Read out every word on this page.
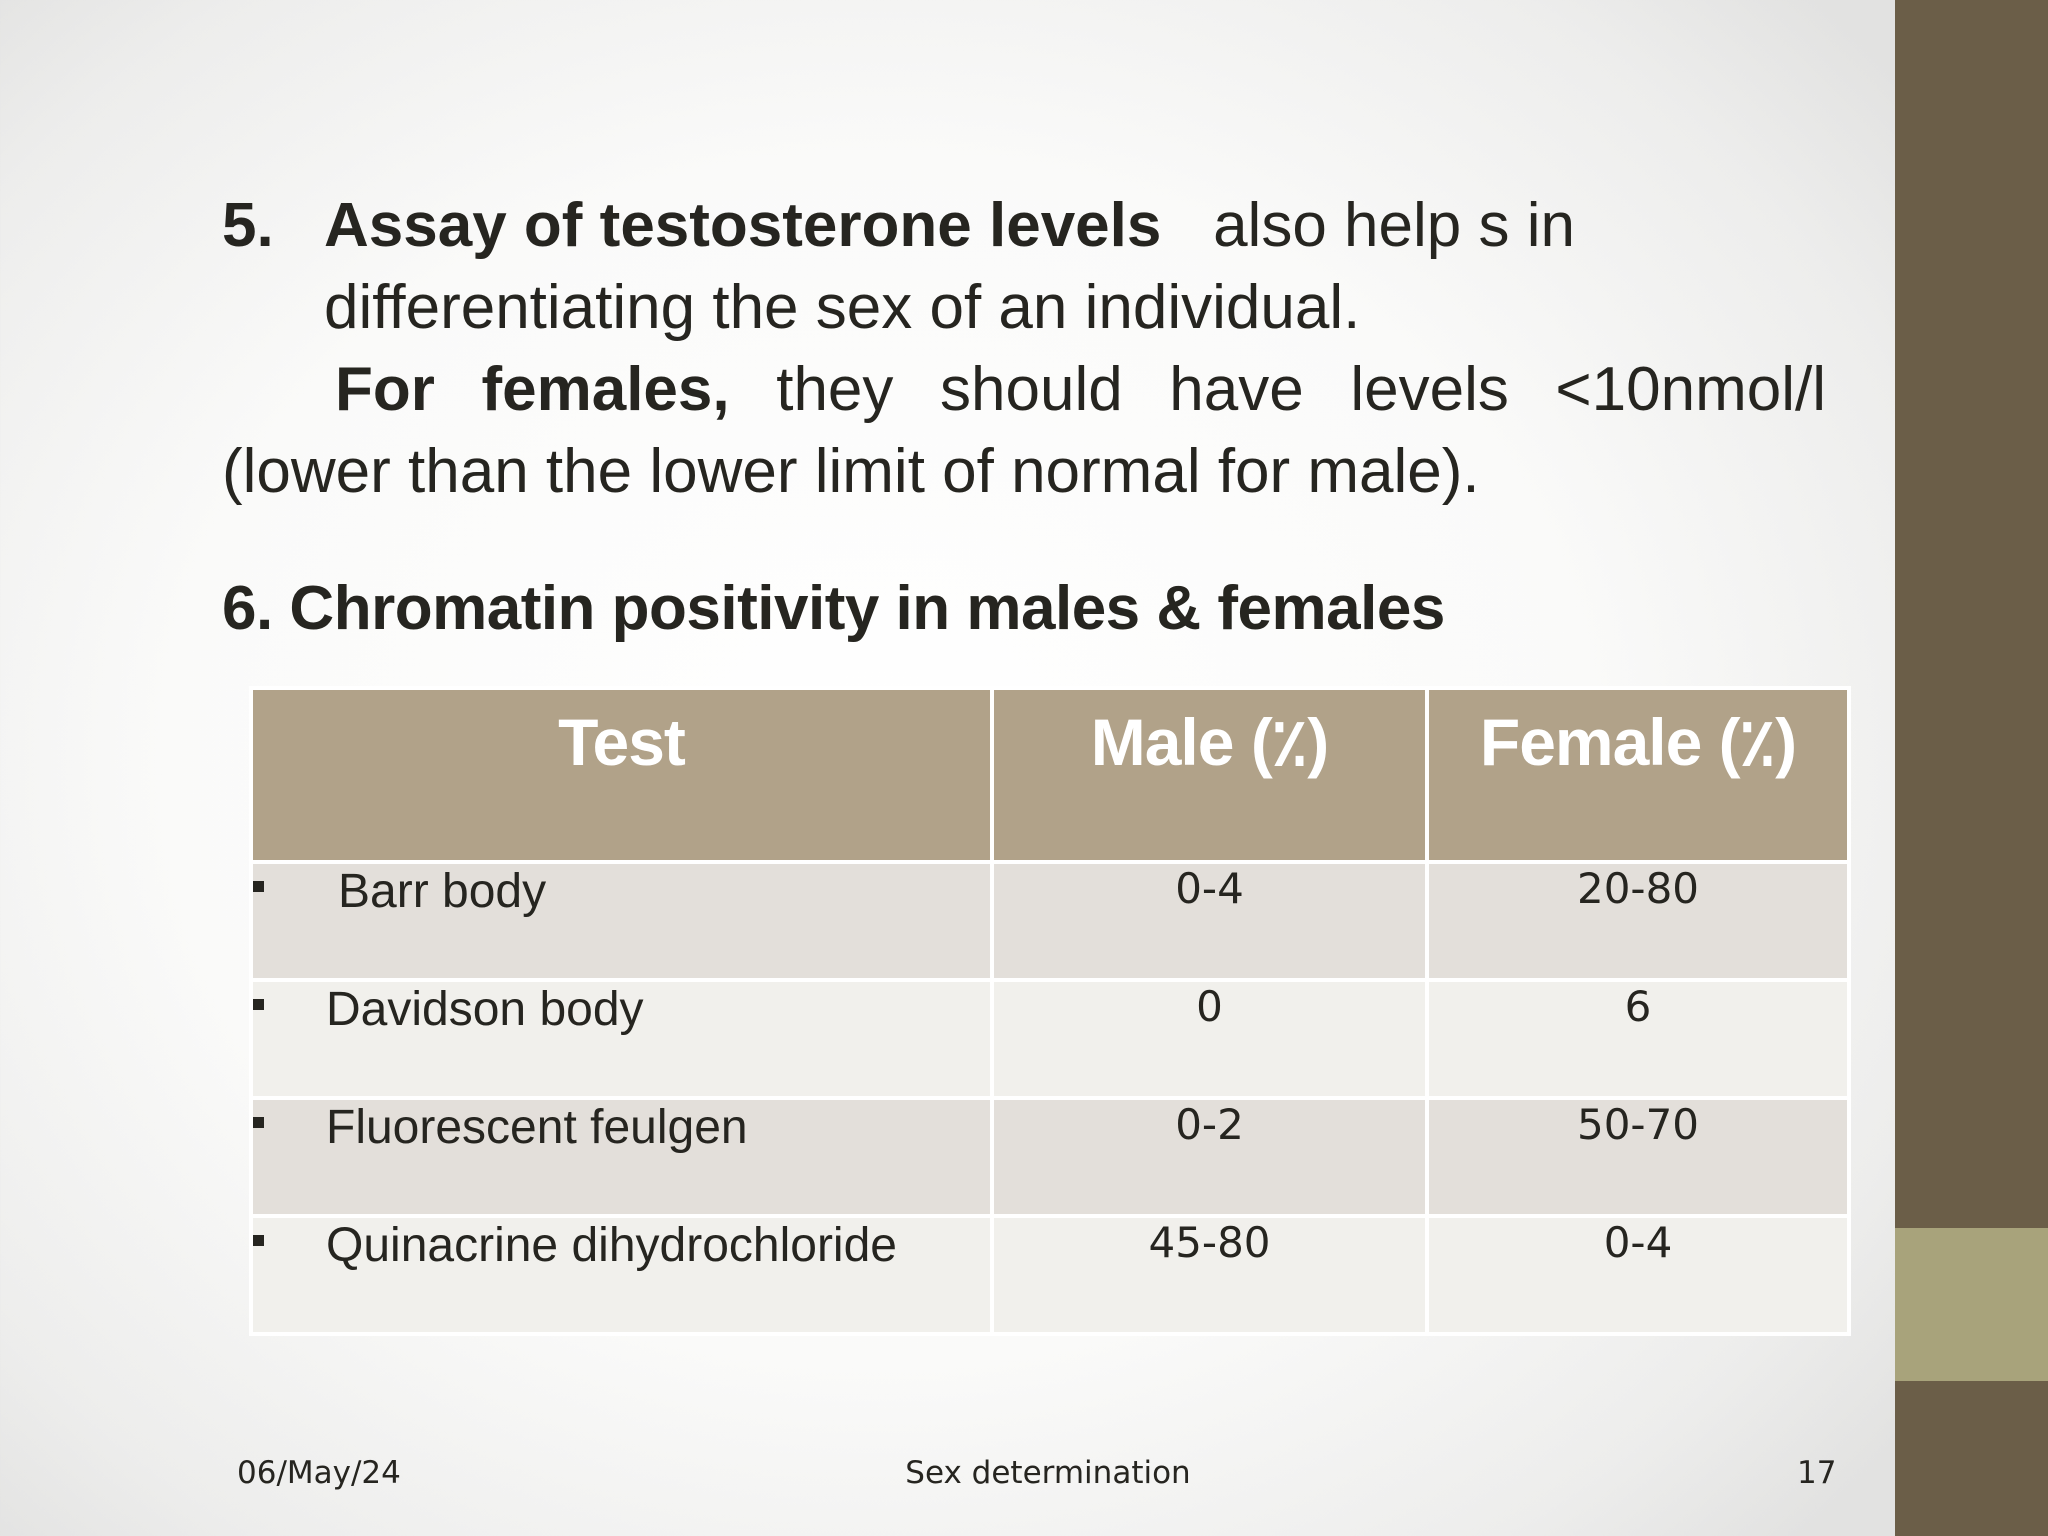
5. Assay of testosterone levels also help s in
differentiating the sex of an individual.

For females, they should have levels <10nmol/l (lower than the lower limit of normal for male).

6. Chromatin positivity in males & females
Test	Male (٪)	Female (٪)
Barr body	0-4	20-80
Davidson body	0	6
Fluorescent feulgen	0-2	50-70
Quinacrine dihydrochloride	45-80	0-4
06/May/24	Sex determination	17
